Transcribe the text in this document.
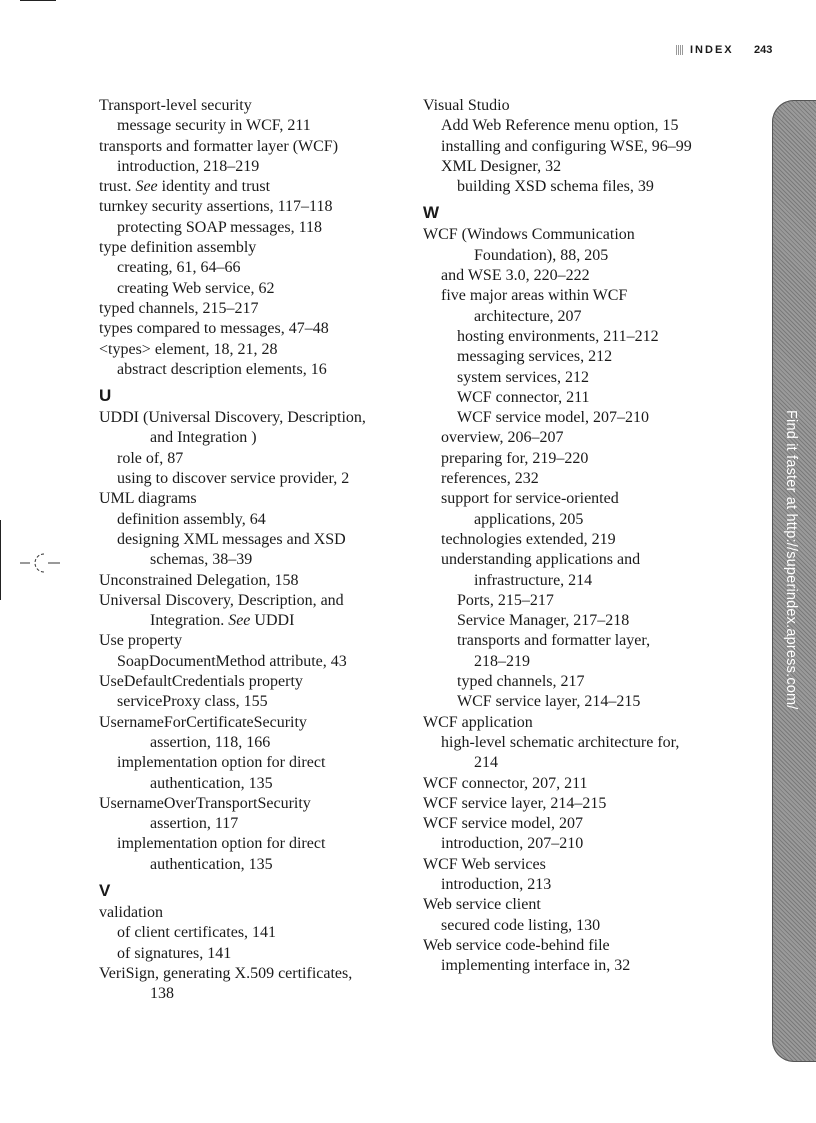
INDEX 243
Transport-level security
message security in WCF, 211
transports and formatter layer (WCF)
introduction, 218–219
trust. See identity and trust
turnkey security assertions, 117–118
protecting SOAP messages, 118
type definition assembly
creating, 61, 64–66
creating Web service, 62
typed channels, 215–217
types compared to messages, 47–48
<types> element, 18, 21, 28
abstract description elements, 16
U
UDDI (Universal Discovery, Description,
and Integration )
role of, 87
using to discover service provider, 2
UML diagrams
definition assembly, 64
designing XML messages and XSD
schemas, 38–39
Unconstrained Delegation, 158
Universal Discovery, Description, and
Integration. See UDDI
Use property
SoapDocumentMethod attribute, 43
UseDefaultCredentials property
serviceProxy class, 155
UsernameForCertificateSecurity
assertion, 118, 166
implementation option for direct
authentication, 135
UsernameOverTransportSecurity
assertion, 117
implementation option for direct
authentication, 135
V
validation
of client certificates, 141
of signatures, 141
VeriSign, generating X.509 certificates,
138
Visual Studio
Add Web Reference menu option, 15
installing and configuring WSE, 96–99
XML Designer, 32
building XSD schema files, 39
W
WCF (Windows Communication
Foundation), 88, 205
and WSE 3.0, 220–222
five major areas within WCF
architecture, 207
hosting environments, 211–212
messaging services, 212
system services, 212
WCF connector, 211
WCF service model, 207–210
overview, 206–207
preparing for, 219–220
references, 232
support for service-oriented
applications, 205
technologies extended, 219
understanding applications and
infrastructure, 214
Ports, 215–217
Service Manager, 217–218
transports and formatter layer,
218–219
typed channels, 217
WCF service layer, 214–215
WCF application
high-level schematic architecture for,
214
WCF connector, 207, 211
WCF service layer, 214–215
WCF service model, 207
introduction, 207–210
WCF Web services
introduction, 213
Web service client
secured code listing, 130
Web service code-behind file
implementing interface in, 32
Find it faster at http://superindex.apress.com/
